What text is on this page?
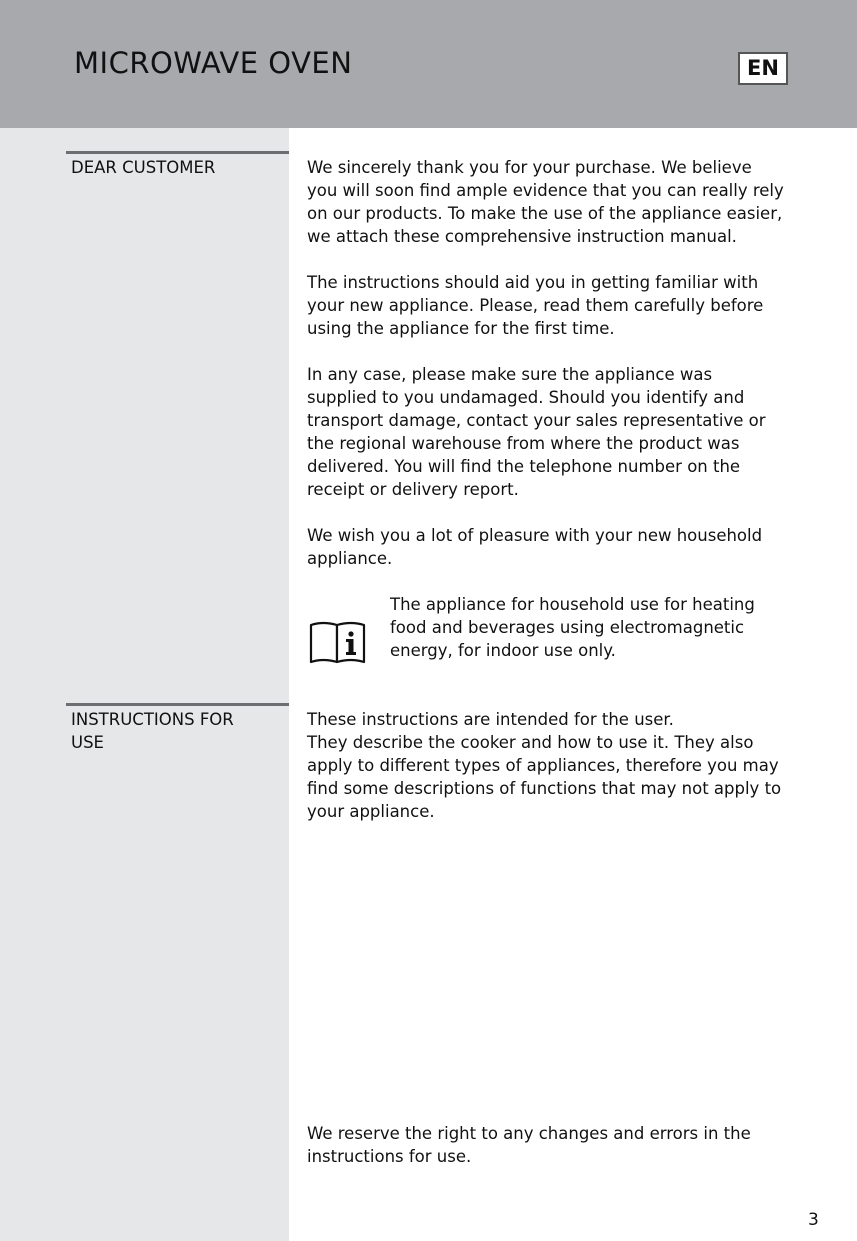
MICROWAVE OVEN	EN
DEAR CUSTOMER	We sincerely thank you for your purchase. We believe you will soon find ample evidence that you can really rely on our products. To make the use of the appliance easier, we attach these comprehensive instruction manual.

The instructions should aid you in getting familiar with your new appliance. Please, read them carefully before using the appliance for the first time.

In any case, please make sure the appliance was supplied to you undamaged. Should you identify and transport damage, contact your sales representative or the regional warehouse from where the product was delivered. You will find the telephone number on the receipt or delivery report.

We wish you a lot of pleasure with your new household appliance.

The appliance for household use for heating food and beverages using electromagnetic energy, for indoor use only.

INSTRUCTIONS FOR
USE
These instructions are intended for the user.
They describe the cooker and how to use it. They also apply to different types of appliances, therefore you may find some descriptions of functions that may not apply to your appliance.

We reserve the right to any changes and errors in the instructions for use.

3
